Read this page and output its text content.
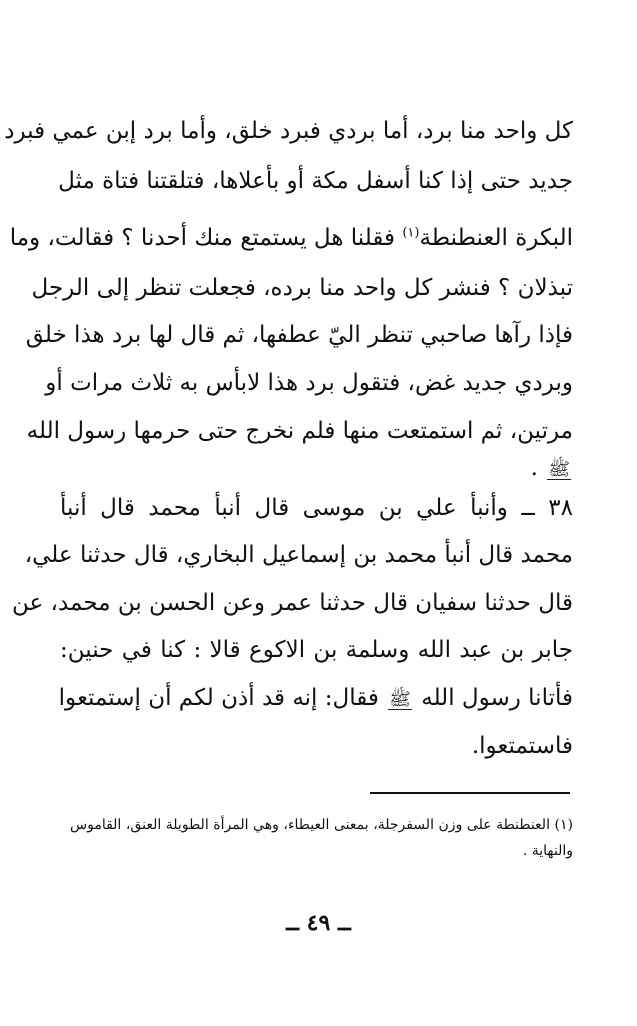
كل واحد منا برد، أما بردي فبرد خلق، وأما برد إبن عمي فبرد
جديد حتى إذا كنا أسفل مكة أو بأعلاها، فتلقتنا فتاة مثل
البكرة العنطنطة$^{(١)}$ فقلنا هل يستمتع منك أحدنا ؟ فقالت، وما
تبذلان ؟ فنشر كل واحد منا برده، فجعلت تنظر إلى الرجل
فإذا رآها صاحبي تنظر اليّ عطفها، ثم قال لها برد هذا خلق
وبردي جديد غض، فتقول برد هذا لابأس به ثلاث مرات أو
مرتين، ثم استمتعت منها فلم نخرج حتى حرمها رسول الله
ﷺ .
٣٨ ــ وأنبأ علي بن موسى قال أنبأ محمد قال أنبأ
محمد قال أنبأ محمد بن إسماعيل البخاري، قال حدثنا علي،
قال حدثنا سفيان قال حدثنا عمر وعن الحسن بن محمد، عن
جابر بن عبد الله وسلمة بن الاكوع قالا : كنا في حنين:
فأتانا رسول الله ﷺ فقال: إنه قد أذن لكم أن إستمتعوا
فاستمتعوا.
(١) العنطنطة على وزن السفرجلة، بمعنى العيطاء، وهي المرأة الطويلة العنق، القاموس والنهاية .
ــ ٤٩ ــ
